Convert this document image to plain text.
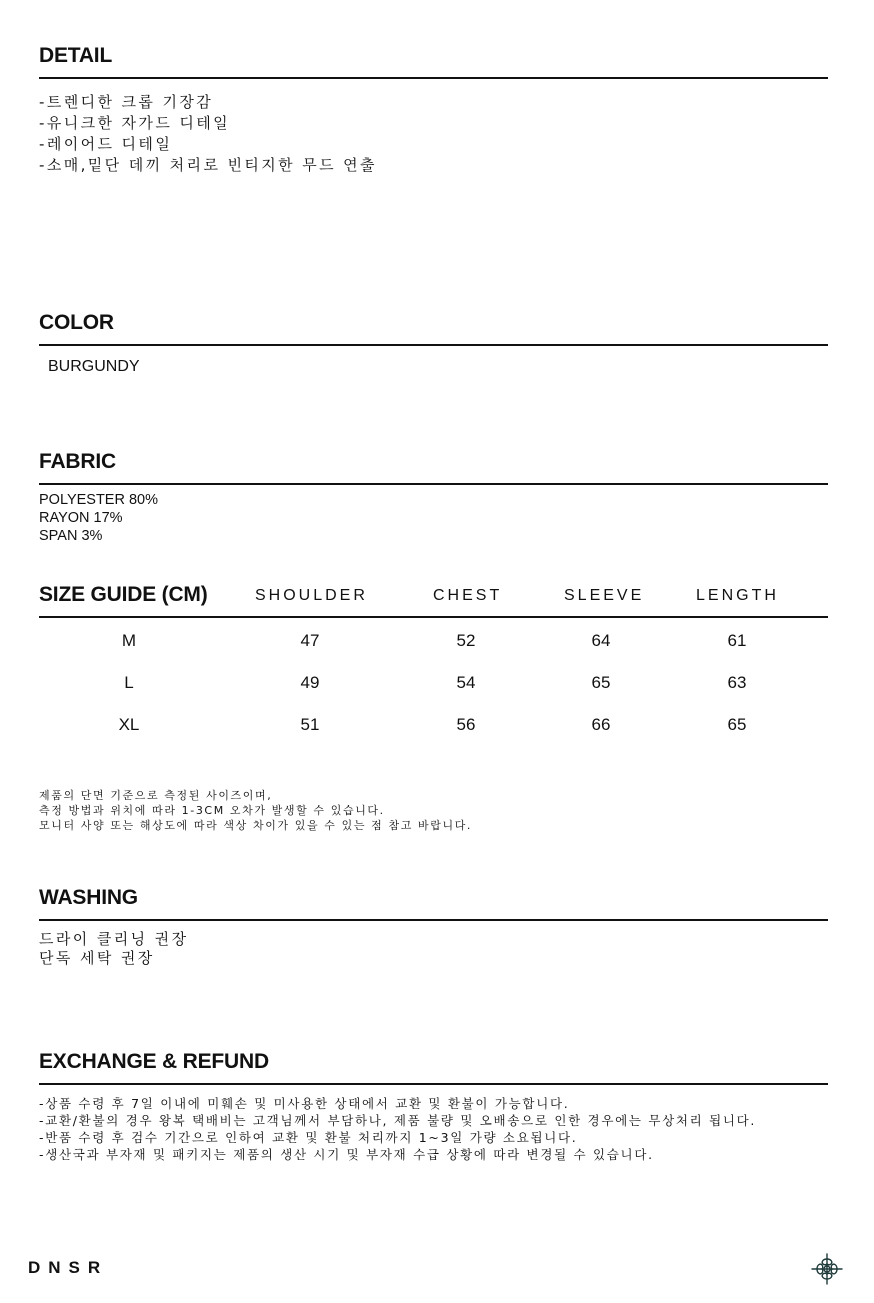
DETAIL
-트렌디한 크롭 기장감
-유니크한 자가드 디테일
-레이어드 디테일
-소매,밑단 데끼 처리로 빈티지한 무드 연출
COLOR
BURGUNDY
FABRIC
POLYESTER 80%
RAYON 17%
SPAN 3%
SIZE GUIDE (CM)	SHOULDER	CHEST	SLEEVE	LENGTH
M	47	52	64	61
L	49	54	65	63
XL	51	56	66	65
제품의 단면 기준으로 측정된 사이즈이며,
측정 방법과 위치에 따라 1-3CM 오차가 발생할 수 있습니다.
모니터 사양 또는 해상도에 따라 색상 차이가 있을 수 있는 점 참고 바랍니다.
WASHING
드라이 클리닝 권장
단독 세탁 권장
EXCHANGE & REFUND
-상품 수령 후 7일 이내에 미훼손 및 미사용한 상태에서 교환 및 환불이 가능합니다.
-교환/환불의 경우 왕복 택배비는 고객님께서 부담하나, 제품 불량 및 오배송으로 인한 경우에는 무상처리 됩니다.
-반품 수령 후 검수 기간으로 인하여 교환 및 환불 처리까지 1~3일 가량 소요됩니다.
-생산국과 부자재 및 패키지는 제품의 생산 시기 및 부자재 수급 상황에 따라 변경될 수 있습니다.
DNSR
